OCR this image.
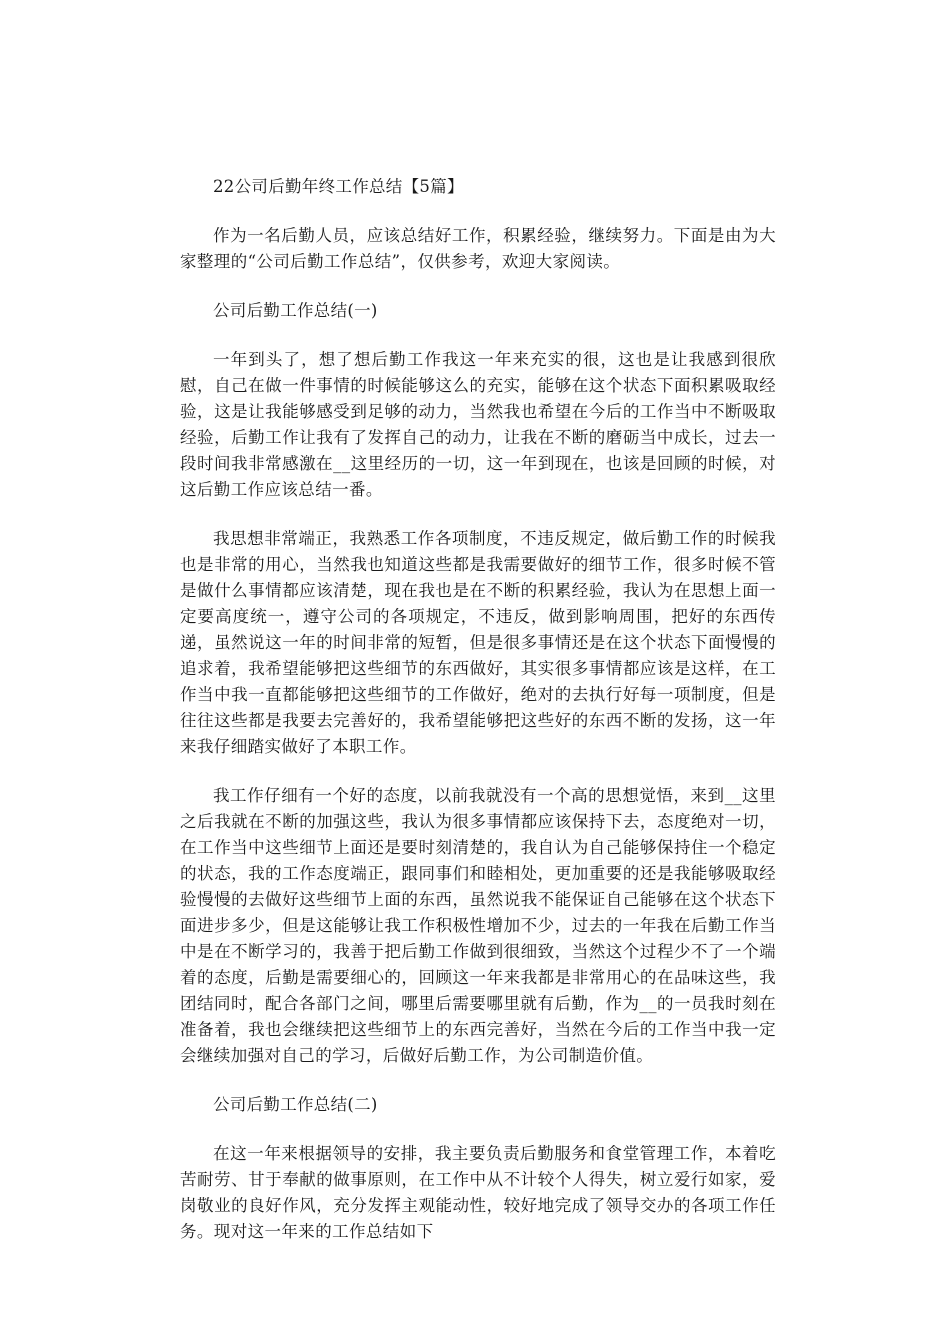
22公司后勤年终工作总结【5篇】

作为一名后勤人员，应该总结好工作，积累经验，继续努力。下面是由为大家整理的“公司后勤工作总结”，仅供参考，欢迎大家阅读。

公司后勤工作总结(一)

一年到头了，想了想后勤工作我这一年来充实的很，这也是让我感到很欣慰，自己在做一件事情的时候能够这么的充实，能够在这个状态下面积累吸取经验，这是让我能够感受到足够的动力，当然我也希望在今后的工作当中不断吸取经验，后勤工作让我有了发挥自己的动力，让我在不断的磨砺当中成长，过去一段时间我非常感激在__这里经历的一切，这一年到现在，也该是回顾的时候，对这后勤工作应该总结一番。

我思想非常端正，我熟悉工作各项制度，不违反规定，做后勤工作的时候我也是非常的用心，当然我也知道这些都是我需要做好的细节工作，很多时候不管是做什么事情都应该清楚，现在我也是在不断的积累经验，我认为在思想上面一定要高度统一，遵守公司的各项规定，不违反，做到影响周围，把好的东西传递，虽然说这一年的时间非常的短暂，但是很多事情还是在这个状态下面慢慢的追求着，我希望能够把这些细节的东西做好，其实很多事情都应该是这样，在工作当中我一直都能够把这些细节的工作做好，绝对的去执行好每一项制度，但是往往这些都是我要去完善好的，我希望能够把这些好的东西不断的发扬，这一年来我仔细踏实做好了本职工作。

我工作仔细有一个好的态度，以前我就没有一个高的思想觉悟，来到__这里之后我就在不断的加强这些，我认为很多事情都应该保持下去，态度绝对一切，在工作当中这些细节上面还是要时刻清楚的，我自认为自己能够保持住一个稳定的状态，我的工作态度端正，跟同事们和睦相处，更加重要的还是我能够吸取经验慢慢的去做好这些细节上面的东西，虽然说我不能保证自己能够在这个状态下面进步多少，但是这能够让我工作积极性增加不少，过去的一年我在后勤工作当中是在不断学习的，我善于把后勤工作做到很细致，当然这个过程少不了一个端着的态度，后勤是需要细心的，回顾这一年来我都是非常用心的在品味这些，我团结同时，配合各部门之间，哪里后需要哪里就有后勤，作为__的一员我时刻在准备着，我也会继续把这些细节上的东西完善好，当然在今后的工作当中我一定会继续加强对自己的学习，后做好后勤工作，为公司制造价值。

公司后勤工作总结(二)

在这一年来根据领导的安排，我主要负责后勤服务和食堂管理工作，本着吃苦耐劳、甘于奉献的做事原则，在工作中从不计较个人得失，树立爱行如家，爱岗敬业的良好作风，充分发挥主观能动性，较好地完成了领导交办的各项工作任务。现对这一年来的工作总结如下
